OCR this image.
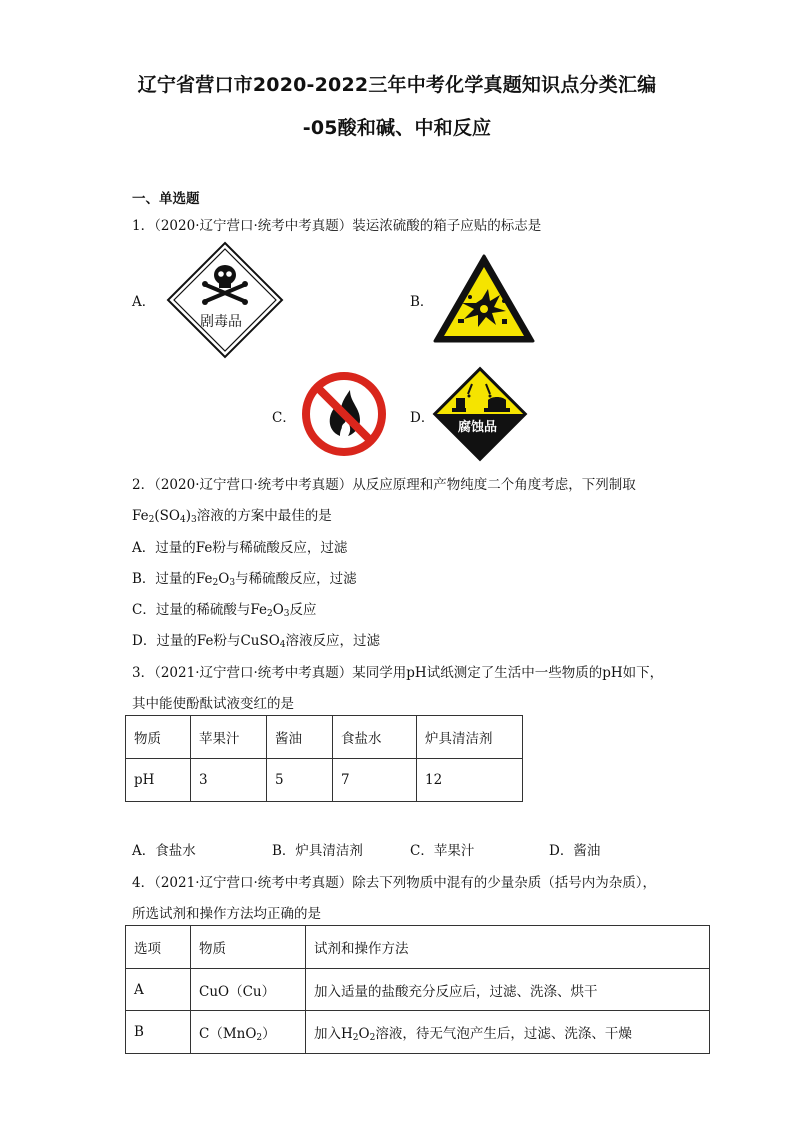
辽宁省营口市2020-2022三年中考化学真题知识点分类汇编
-05酸和碱、中和反应
一、单选题
1．（2020·辽宁营口·统考中考真题）装运浓硫酸的箱子应贴的标志是
A．
剧毒品
B．
C．	D．
腐蚀品
2．（2020·辽宁营口·统考中考真题）从反应原理和产物纯度二个角度考虑，下列制取
$Fe_2(SO_4)_3$溶液的方案中最佳的是
A．过量的Fe粉与稀硫酸反应，过滤
B．过量的$Fe_2O_3$与稀硫酸反应，过滤
C．过量的稀硫酸与$Fe_2O_3$反应
D．过量的Fe粉与CuSO$_4$溶液反应，过滤
3．（2021·辽宁营口·统考中考真题）某同学用pH试纸测定了生活中一些物质的pH如下，
其中能使酚酞试液变红的是
物质	苹果汁	酱油	食盐水	炉具清洁剂
pH	3	5	7	12
A．食盐水	B．炉具清洁剂	C．苹果汁	D．酱油
4．（2021·辽宁营口·统考中考真题）除去下列物质中混有的少量杂质（括号内为杂质），
所选试剂和操作方法均正确的是
选项	物质	试剂和操作方法
A	CuO（Cu）	加入适量的盐酸充分反应后，过滤、洗涤、烘干
B	C（MnO$_2$）	加入$H_2O_2$溶液，待无气泡产生后，过滤、洗涤、干燥
